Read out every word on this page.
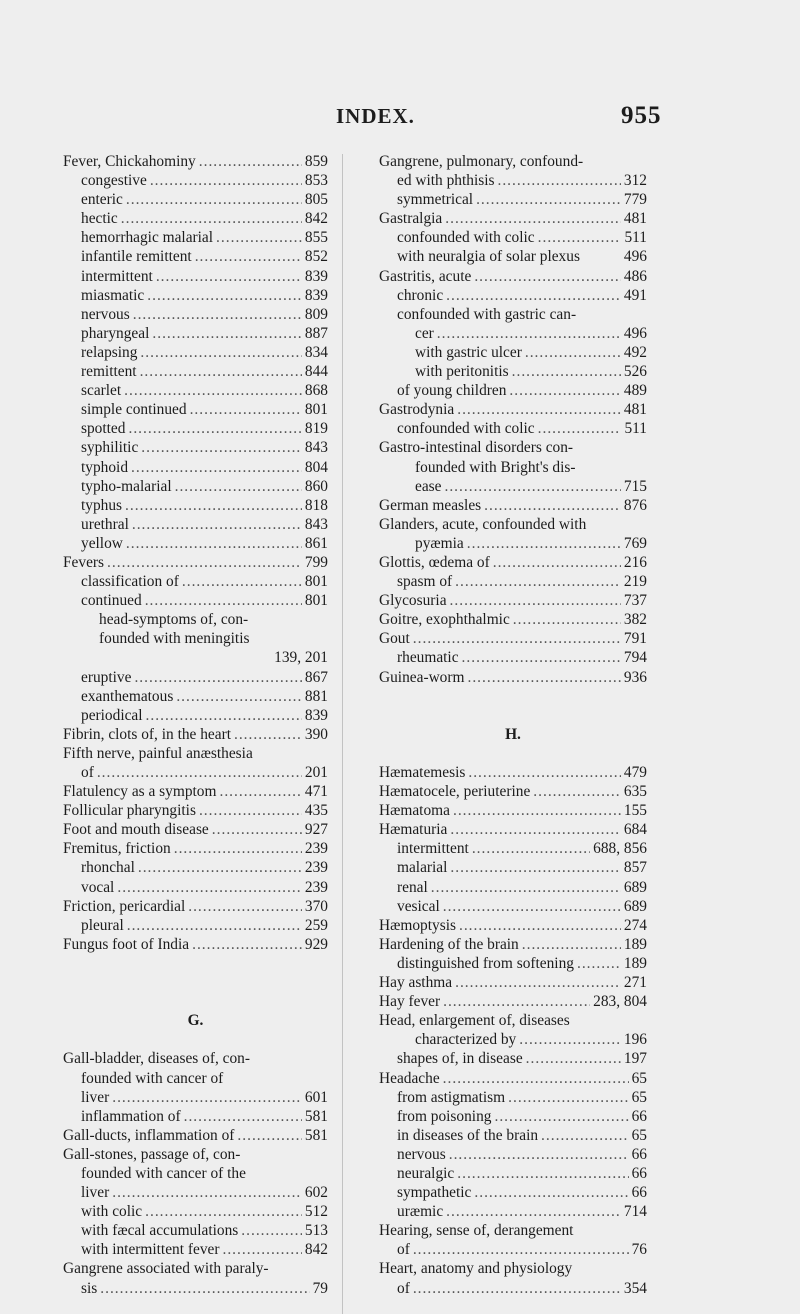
INDEX.	955
Fever, Chickahominy .....	859
congestive .....	853
enteric .....	805
hectic .....	842
hemorrhagic malarial .....	855
infantile remittent .....	852
intermittent .....	839
miasmatic .....	839
nervous .....	809
pharyngeal .....	887
relapsing .....	834
remittent .....	844
scarlet .....	868
simple continued .....	801
spotted .....	819
syphilitic .....	843
typhoid .....	804
typho-malarial .....	860
typhus .....	818
urethral .....	843
yellow .....	861
Fevers .....	799
classification of .....	801
continued .....	801
head-symptoms of, con-
founded with meningitis
139, 201
eruptive .....	867
exanthematous .....	881
periodical .....	839
Fibrin, clots of, in the heart .....	390
Fifth nerve, painful anæsthesia
of .....	201
Flatulency as a symptom .....	471
Follicular pharyngitis .....	435
Foot and mouth disease .....	927
Fremitus, friction .....	239
rhonchal .....	239
vocal .....	239
Friction, pericardial .....	370
pleural .....	259
Fungus foot of India .....	929
G.
Gall-bladder, diseases of, con-
founded with cancer of
liver .....	601
inflammation of .....	581
Gall-ducts, inflammation of .....	581
Gall-stones, passage of, con-
founded with cancer of the
liver .....	602
with colic .....	512
with fæcal accumulations .....	513
with intermittent fever .....	842
Gangrene associated with paraly-
sis .....	79
Gangrene, pulmonary, confound-
ed with phthisis .....	312
symmetrical .....	779
Gastralgia .....	481
confounded with colic .....	511
with neuralgia of solar plexus	496
Gastritis, acute .....	486
chronic .....	491
confounded with gastric can-
cer .....	496
with gastric ulcer .....	492
with peritonitis .....	526
of young children .....	489
Gastrodynia .....	481
confounded with colic .....	511
Gastro-intestinal disorders con-
founded with Bright's dis-
ease .....	715
German measles .....	876
Glanders, acute, confounded with
pyæmia .....	769
Glottis, œdema of .....	216
spasm of .....	219
Glycosuria .....	737
Goitre, exophthalmic .....	382
Gout .....	791
rheumatic .....	794
Guinea-worm .....	936
H.
Hæmatemesis .....	479
Hæmatocele, periuterine .....	635
Hæmatoma .....	155
Hæmaturia .....	684
intermittent .....	688, 856
malarial .....	857
renal .....	689
vesical .....	689
Hæmoptysis .....	274
Hardening of the brain .....	189
distinguished from softening .....	189
Hay asthma .....	271
Hay fever .....	283, 804
Head, enlargement of, diseases
characterized by .....	196
shapes of, in disease .....	197
Headache .....	65
from astigmatism .....	65
from poisoning .....	66
in diseases of the brain .....	65
nervous .....	66
neuralgic .....	66
sympathetic .....	66
uræmic .....	714
Hearing, sense of, derangement
of .....	76
Heart, anatomy and physiology
of .....	354
